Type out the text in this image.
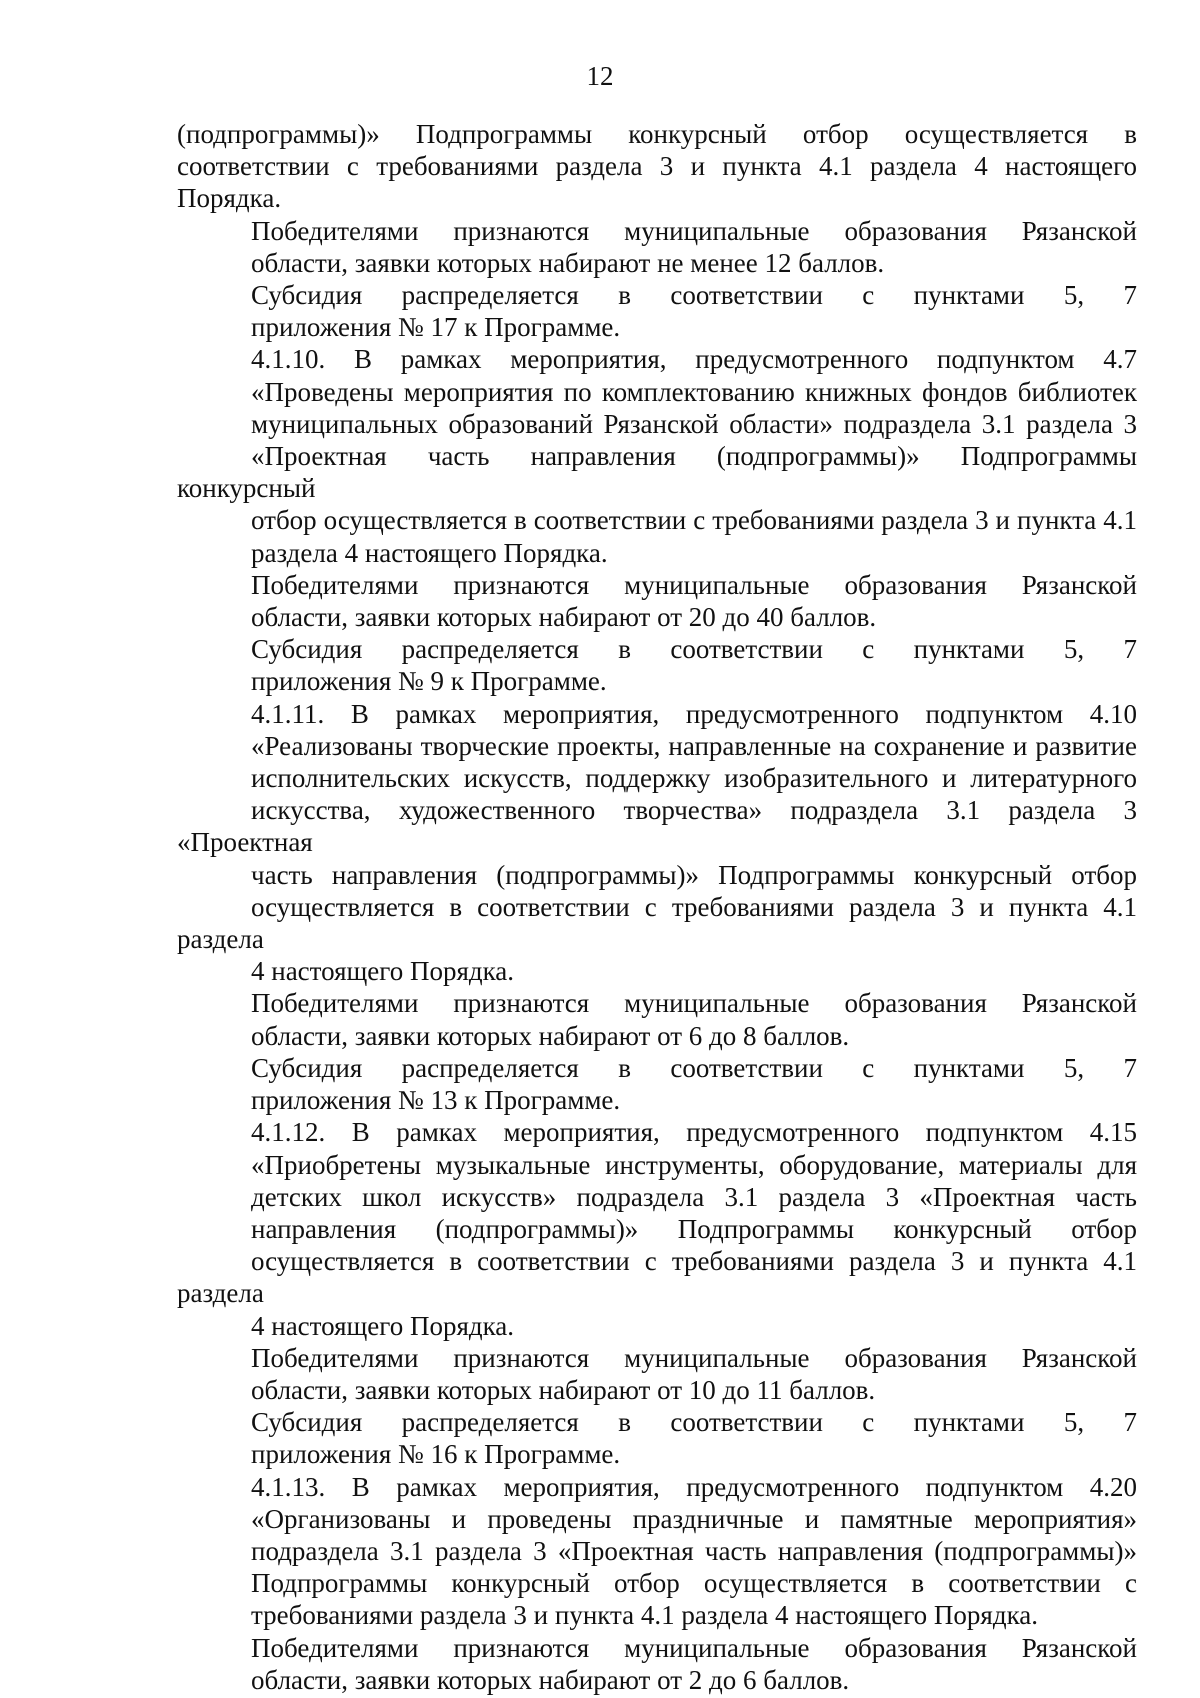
12
(подпрограммы)» Подпрограммы конкурсный отбор осуществляется в
соответствии с требованиями раздела 3 и пункта 4.1 раздела 4 настоящего
Порядка.
Победителями признаются муниципальные образования Рязанской
области, заявки которых набирают не менее 12 баллов.
Субсидия распределяется в соответствии с пунктами 5, 7
приложения № 17 к Программе.
4.1.10. В рамках мероприятия, предусмотренного подпунктом 4.7
«Проведены мероприятия по комплектованию книжных фондов библиотек
муниципальных образований Рязанской области» подраздела 3.1 раздела 3
«Проектная часть направления (подпрограммы)» Подпрограммы конкурсный
отбор осуществляется в соответствии с требованиями раздела 3 и пункта 4.1
раздела 4 настоящего Порядка.
Победителями признаются муниципальные образования Рязанской
области, заявки которых набирают от 20 до 40 баллов.
Субсидия распределяется в соответствии с пунктами 5, 7
приложения № 9 к Программе.
4.1.11. В рамках мероприятия, предусмотренного подпунктом 4.10
«Реализованы творческие проекты, направленные на сохранение и развитие
исполнительских искусств, поддержку изобразительного и литературного
искусства, художественного творчества» подраздела 3.1 раздела 3 «Проектная
часть направления (подпрограммы)» Подпрограммы конкурсный отбор
осуществляется в соответствии с требованиями раздела 3 и пункта 4.1 раздела
4 настоящего Порядка.
Победителями признаются муниципальные образования Рязанской
области, заявки которых набирают от 6 до 8 баллов.
Субсидия распределяется в соответствии с пунктами 5, 7
приложения № 13 к Программе.
4.1.12. В рамках мероприятия, предусмотренного подпунктом 4.15
«Приобретены музыкальные инструменты, оборудование, материалы для
детских школ искусств» подраздела 3.1 раздела 3 «Проектная часть
направления (подпрограммы)» Подпрограммы конкурсный отбор
осуществляется в соответствии с требованиями раздела 3 и пункта 4.1 раздела
4 настоящего Порядка.
Победителями признаются муниципальные образования Рязанской
области, заявки которых набирают от 10 до 11 баллов.
Субсидия распределяется в соответствии с пунктами 5, 7
приложения № 16 к Программе.
4.1.13. В рамках мероприятия, предусмотренного подпунктом 4.20
«Организованы и проведены праздничные и памятные мероприятия»
подраздела 3.1 раздела 3 «Проектная часть направления (подпрограммы)»
Подпрограммы конкурсный отбор осуществляется в соответствии с
требованиями раздела 3 и пункта 4.1 раздела 4 настоящего Порядка.
Победителями признаются муниципальные образования Рязанской
области, заявки которых набирают от 2 до 6 баллов.
